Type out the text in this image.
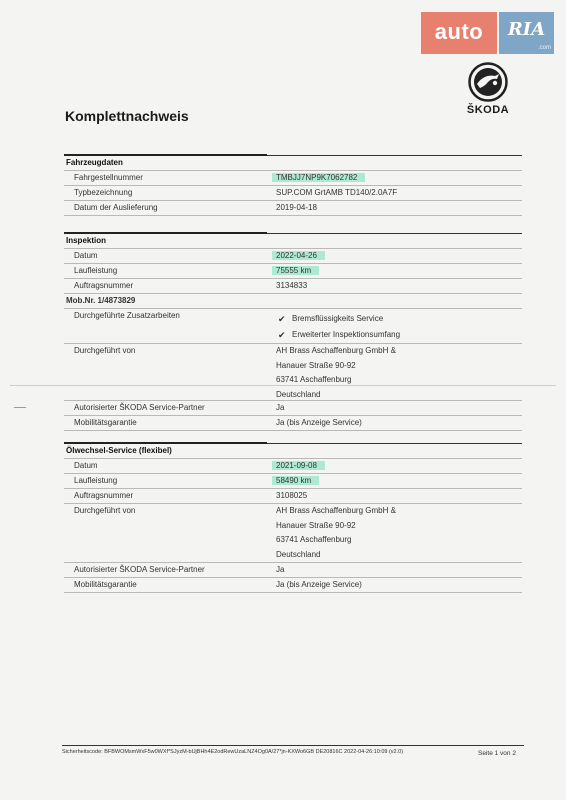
auto	RIA
.com
ŠKODA
Komplettnachweis
Fahrzeugdaten
Fahrgestellnummer	TMBJJ7NP9K7062782
Typbezeichnung	SUP.COM GrtAMB TD140/2.0A7F
Datum der Auslieferung	2019-04-18
Inspektion
Datum	2022-04-26
Laufleistung	75555 km
Auftragsnummer	3134833
Mob.Nr. 1/4873829
Durchgeführte Zusatzarbeiten
✔	Bremsflüssigkeits Service
✔ Erweiterter Inspektionsumfang
Durchgeführt von	AH Brass Aschaffenburg GmbH &
Hanauer Straße 90-92
63741 Aschaffenburg
Deutschland
Autorisierter ŠKODA Service-Partner	Ja
Mobilitätsgarantie	Ja (bis Anzeige Service)
Ölwechsel-Service (flexibel)
Datum	2021-09-08
Laufleistung	58490 km
Auftragsnummer	3108025
Durchgeführt von	AH Brass Aschaffenburg GmbH &
Hanauer Straße 90-92
63741 Aschaffenburg
Deutschland
Autorisierter ŠKODA Service-Partner	Ja
Mobilitätsgarantie	Ja (bis Anzeige Service)
Sicherheitscode: BFBWOMsmWxF5w0WXf*SJyzM-bUjBHh4E2odRewUzaLNZ4Og0A/27*jn-KXWo6GB DE20816C 2022-04-26:10:09 (v2.0)	Seite 1 von 2
